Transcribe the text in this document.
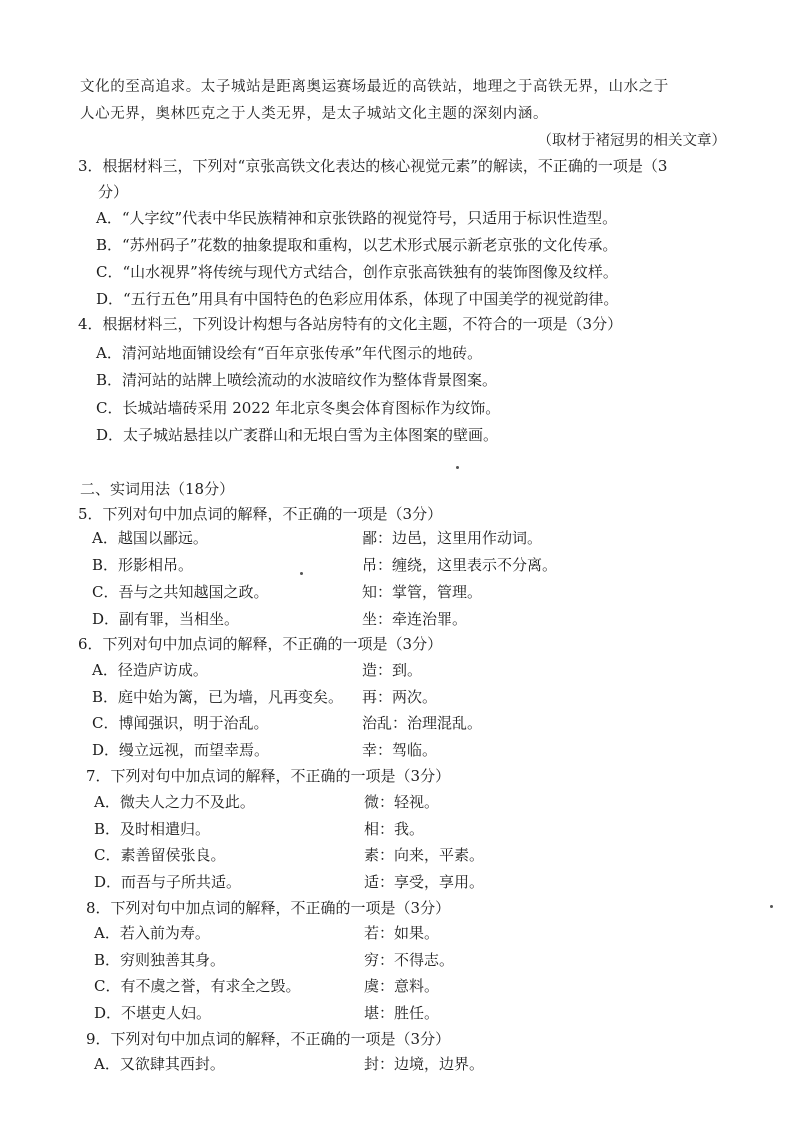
文化的至高追求。太子城站是距离奥运赛场最近的高铁站，地理之于高铁无界，山水之于
人心无界，奥林匹克之于人类无界，是太子城站文化主题的深刻内涵。
（取材于褚冠男的相关文章）
3．根据材料三，下列对“京张高铁文化表达的核心视觉元素”的解读，不正确的一项是（3
分）
A．“人字纹”代表中华民族精神和京张铁路的视觉符号，只适用于标识性造型。
B．“苏州码子”花数的抽象提取和重构，以艺术形式展示新老京张的文化传承。
C．“山水视界”将传统与现代方式结合，创作京张高铁独有的装饰图像及纹样。
D．“五行五色”用具有中国特色的色彩应用体系，体现了中国美学的视觉韵律。
4．根据材料三，下列设计构想与各站房特有的文化主题，不符合的一项是（3分）
A．清河站地面铺设绘有“百年京张传承”年代图示的地砖。
B．清河站的站牌上喷绘流动的水波暗纹作为整体背景图案。
C．长城站墙砖采用 2022 年北京冬奥会体育图标作为纹饰。
D．太子城站悬挂以广袤群山和无垠白雪为主体图案的壁画。
二、实词用法（18分）
5．下列对句中加点词的解释，不正确的一项是（3分）
A．越国以鄙远。	鄙：边邑，这里用作动词。
B．形影相吊。	吊：缠绕，这里表示不分离。
C．吾与之共知越国之政。	知：掌管，管理。
D．副有罪，当相坐。	坐：牵连治罪。
6．下列对句中加点词的解释，不正确的一项是（3分）
A．径造庐访成。	造：到。
B．庭中始为篱，已为墙，凡再变矣。 再：两次。
C．博闻强识，明于治乱。	治乱：治理混乱。
D．缦立远视，而望幸焉。	幸：驾临。
7．下列对句中加点词的解释，不正确的一项是（3分）
A．微夫人之力不及此。	微：轻视。
B．及时相遣归。	相：我。
C．素善留侯张良。	素：向来，平素。
D．而吾与子所共适。	适：享受，享用。
8．下列对句中加点词的解释，不正确的一项是（3分）
A．若入前为寿。	若：如果。
B．穷则独善其身。	穷：不得志。
C．有不虞之誉，有求全之毁。	虞：意料。
D．不堪吏人妇。	堪：胜任。
9．下列对句中加点词的解释，不正确的一项是（3分）
A．又欲肆其西封。	封：边境，边界。
